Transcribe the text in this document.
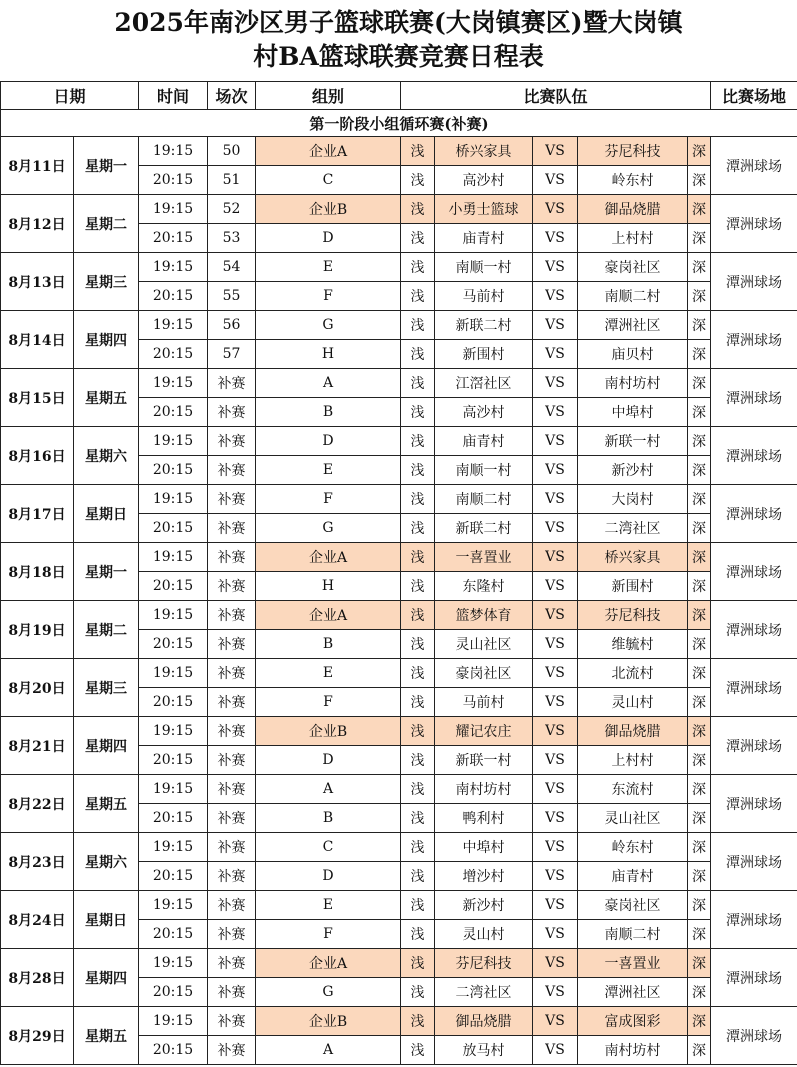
2025年南沙区男子篮球联赛(大岗镇赛区)暨大岗镇
村BA篮球联赛竞赛日程表
日期		时间	场次	组别	比赛队伍					比赛场地
第一阶段小组循环赛(补赛)										
8月11日	星期一	19:15	50	企业A	浅	桥兴家具	VS	芬尼科技	深	潭洲球场
		20:15	51	C	浅	高沙村	VS	岭东村	深	
8月12日	星期二	19:15	52	企业B	浅	小勇士篮球	VS	御品烧腊	深	潭洲球场
		20:15	53	D	浅	庙青村	VS	上村村	深	
8月13日	星期三	19:15	54	E	浅	南顺一村	VS	豪岗社区	深	潭洲球场
		20:15	55	F	浅	马前村	VS	南顺二村	深	
8月14日	星期四	19:15	56	G	浅	新联二村	VS	潭洲社区	深	潭洲球场
		20:15	57	H	浅	新围村	VS	庙贝村	深	
8月15日	星期五	19:15	补赛	A	浅	江滘社区	VS	南村坊村	深	潭洲球场
		20:15	补赛	B	浅	高沙村	VS	中埠村	深	
8月16日	星期六	19:15	补赛	D	浅	庙青村	VS	新联一村	深	潭洲球场
		20:15	补赛	E	浅	南顺一村	VS	新沙村	深	
8月17日	星期日	19:15	补赛	F	浅	南顺二村	VS	大岗村	深	潭洲球场
		20:15	补赛	G	浅	新联二村	VS	二湾社区	深	
8月18日	星期一	19:15	补赛	企业A	浅	一喜置业	VS	桥兴家具	深	潭洲球场
		20:15	补赛	H	浅	东隆村	VS	新围村	深	
8月19日	星期二	19:15	补赛	企业A	浅	篮梦体育	VS	芬尼科技	深	潭洲球场
		20:15	补赛	B	浅	灵山社区	VS	维毓村	深	
8月20日	星期三	19:15	补赛	E	浅	豪岗社区	VS	北流村	深	潭洲球场
		20:15	补赛	F	浅	马前村	VS	灵山村	深	
8月21日	星期四	19:15	补赛	企业B	浅	耀记农庄	VS	御品烧腊	深	潭洲球场
		20:15	补赛	D	浅	新联一村	VS	上村村	深	
8月22日	星期五	19:15	补赛	A	浅	南村坊村	VS	东流村	深	潭洲球场
		20:15	补赛	B	浅	鸭利村	VS	灵山社区	深	
8月23日	星期六	19:15	补赛	C	浅	中埠村	VS	岭东村	深	潭洲球场
		20:15	补赛	D	浅	增沙村	VS	庙青村	深	
8月24日	星期日	19:15	补赛	E	浅	新沙村	VS	豪岗社区	深	潭洲球场
		20:15	补赛	F	浅	灵山村	VS	南顺二村	深	
8月28日	星期四	19:15	补赛	企业A	浅	芬尼科技	VS	一喜置业	深	潭洲球场
		20:15	补赛	G	浅	二湾社区	VS	潭洲社区	深	
8月29日	星期五	19:15	补赛	企业B	浅	御品烧腊	VS	富成图彩	深	潭洲球场
		20:15	补赛	A	浅	放马村	VS	南村坊村	深	
